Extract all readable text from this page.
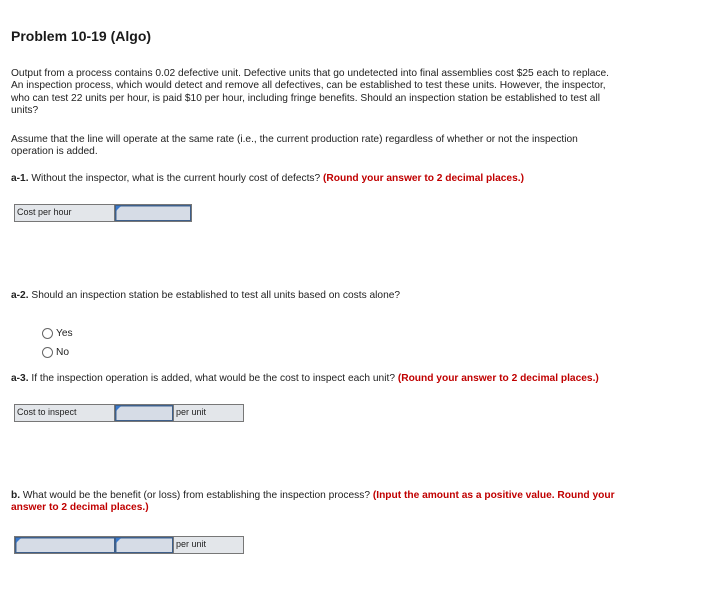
Problem 10-19 (Algo)
Output from a process contains 0.02 defective unit. Defective units that go undetected into final assemblies cost $25 each to replace.
An inspection process, which would detect and remove all defectives, can be established to test these units. However, the inspector,
who can test 22 units per hour, is paid $10 per hour, including fringe benefits. Should an inspection station be established to test all
units?
Assume that the line will operate at the same rate (i.e., the current production rate) regardless of whether or not the inspection
operation is added.
a-1. Without the inspector, what is the current hourly cost of defects? (Round your answer to 2 decimal places.)
Cost per hour
a-2. Should an inspection station be established to test all units based on costs alone?
Yes
No
a-3. If the inspection operation is added, what would be the cost to inspect each unit? (Round your answer to 2 decimal places.)
Cost to inspect	per unit
b. What would be the benefit (or loss) from establishing the inspection process? (Input the amount as a positive value. Round your
answer to 2 decimal places.)
per unit
